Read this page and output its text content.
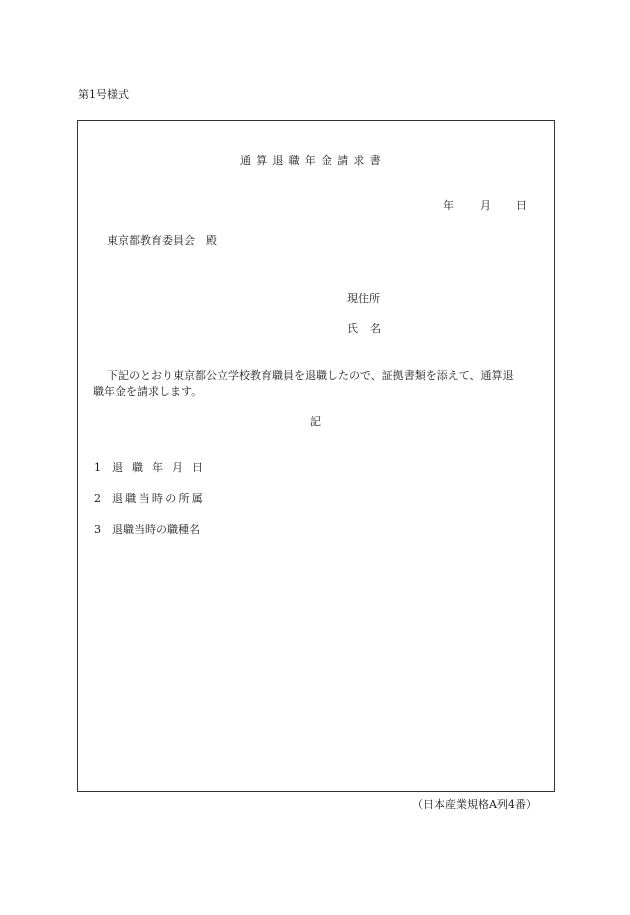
第1号様式
通算退職年金請求書
年 月 日
東京都教育委員会　殿
現住所
氏名
下記のとおり東京都公立学校教育職員を退職したので、証拠書類を添えて、通算退
職年金を請求します。
記
1 退職年月日
2 退職当時の所属
3 退職当時の職種名
（日本産業規格A列4番）
